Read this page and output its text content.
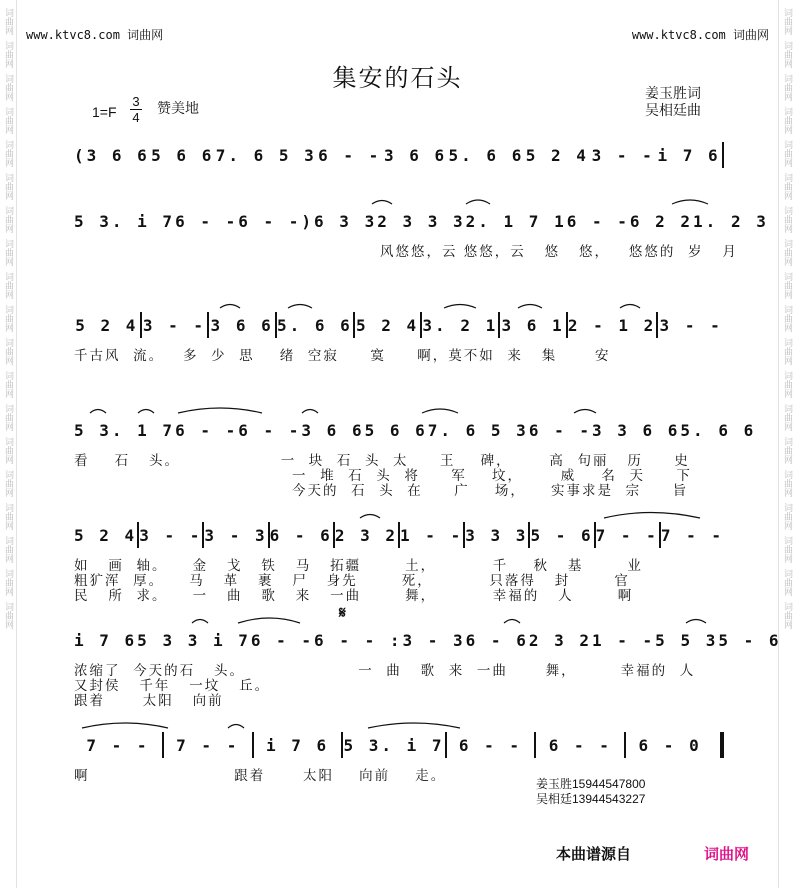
词曲网
词曲网
词曲网
词曲网
词曲网
词曲网
词曲网
词曲网
词曲网
词曲网
词曲网
词曲网
词曲网
词曲网
词曲网
词曲网
词曲网
词曲网
词曲网
词曲网
词曲网
词曲网
词曲网
词曲网
词曲网
词曲网
词曲网
词曲网
词曲网
词曲网
词曲网
词曲网
词曲网
词曲网
词曲网
词曲网
词曲网
词曲网
www.ktvc8.com 词曲网	www.ktvc8.com 词曲网
集安的石头
$1=F \frac{3}{4}$ 赞美地
姜玉胜词
吴相廷曲
(3 6 6 5 6 6 7. 6 5 3 6 - - 3 6 6 5. 6 6 5 2 4 3 - - i 7 6
5 3. i 7 6 - - 6 - -) 6 3 3 2 3 3 3 2. 1 7 1 6 - - 6 2 2 1. 2 3
5 2 4 3 - - 3 6 6 5. 6 6 5 2 4 3. 2 1 3 6 1 2 - 1 2 3 - -
5 3. 1 7 6 - - 6 - - 3 6 6 5 6 6 7. 6 5 3 6 - - 3 3 6 6 5. 6 6
5 2 4 3 - - 3 - 3 6 - 6 2 3 2 1 - - 3 3 3 5 - 6 7 - - 7 - -
i 7 6 5 3 3 i 7 6 - - 6 - - : 3 - 3 6 - 6 2 3 2 1 - - 5 5 3 5 - 6
7 - -	7 - -	i 7 6 5 3. i 7 6 - -	6 - -	6 - 0
风悠悠，云 悠悠，云   悠   悠，   悠悠的  岁   月
千古风  流。   多  少  思    绪  空寂     寞     啊，莫不如  来   集      安
看    石   头。                一  块  石  头  太     王    碑，      高  句丽   历     史
一  堆  石  头  将     军    坟，      威    名  天     下
今天的  石  头  在     广    场，    实事求是  宗     旨
如   画  轴。    金   戈   铁   马   拓疆       土，         千    秋   基       业
粗犷浑  厚。    马   革   裹   尸   身先       死，         只落得   封       官
民   所  求。    一   曲   歌   来   一曲       舞，         幸福的   人       啊
浓缩了  今天的石   头。                  一  曲   歌  来  一曲      舞，       幸福的  人
又封侯   千年   一坟   丘。
跟着      太阳   向前
啊                       跟着      太阳    向前    走。
𝄋
姜玉胜15944547800
吴相廷13944543227
本曲谱源自	词曲网
